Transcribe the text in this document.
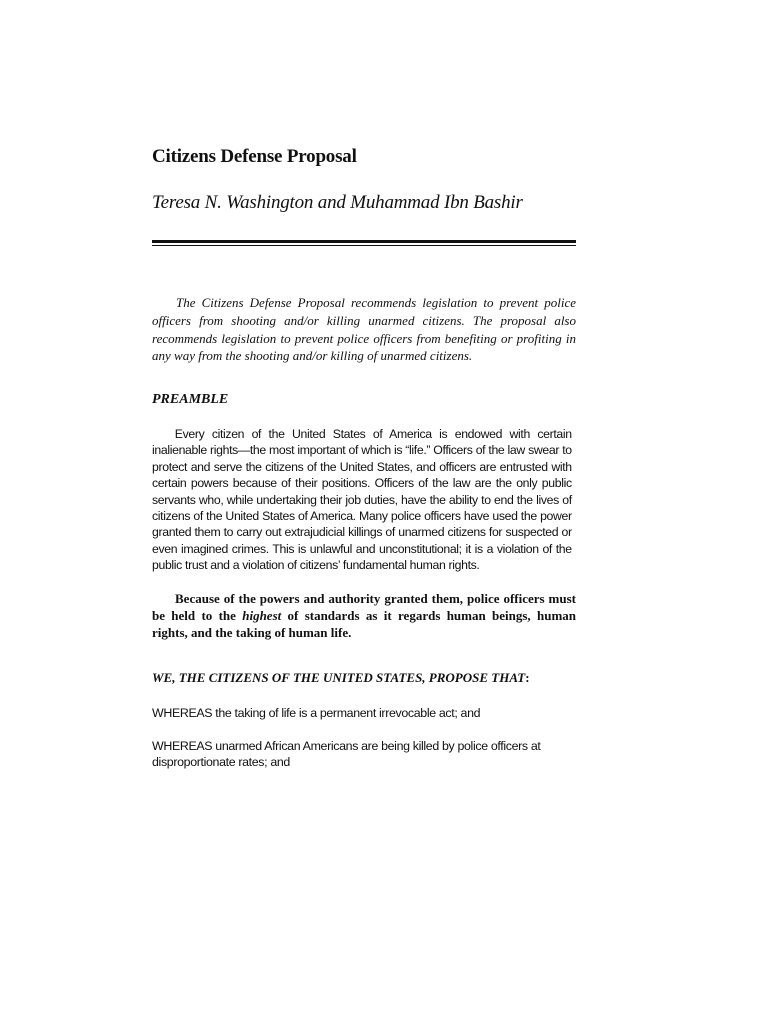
Citizens Defense Proposal

Teresa N. Washington and Muhammad Ibn Bashir

The Citizens Defense Proposal recommends legislation to prevent police officers from shooting and/or killing unarmed citizens. The proposal also recommends legislation to prevent police officers from benefiting or profiting in any way from the shooting and/or killing of unarmed citizens.

PREAMBLE

Every citizen of the United States of America is endowed with certain inalienable rights—the most important of which is “life.” Officers of the law swear to protect and serve the citizens of the United States, and officers are entrusted with certain powers because of their positions. Officers of the law are the only public servants who, while undertaking their job duties, have the ability to end the lives of citizens of the United States of America. Many police officers have used the power granted them to carry out extrajudicial killings of unarmed citizens for suspected or even imagined crimes. This is unlawful and unconstitutional; it is a violation of the public trust and a violation of citizens’ fundamental human rights.

Because of the powers and authority granted them, police officers must be held to the highest of standards as it regards human beings, human rights, and the taking of human life.

WE, THE CITIZENS OF THE UNITED STATES, PROPOSE THAT:

WHEREAS the taking of life is a permanent irrevocable act; and

WHEREAS unarmed African Americans are being killed by police officers at disproportionate rates; and
